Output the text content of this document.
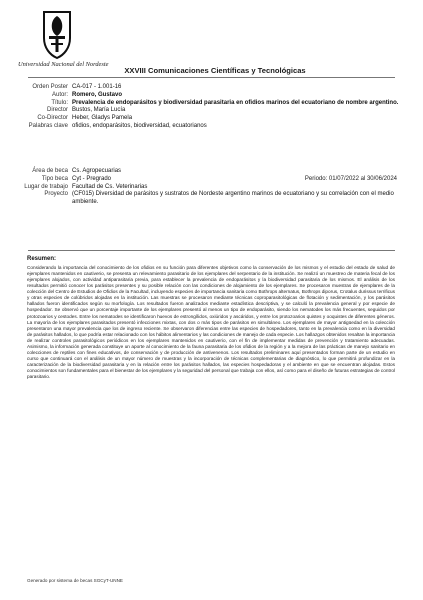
Universidad Nacional del Nordeste
XXVIII Comunicaciones Científicas y Tecnológicas
Orden Poster CA-017 - 1.001-16
Autor: Romero, Gustavo
Título: Prevalencia de endoparásitos y biodiversidad parasitaria en ofidios marinos del ecuatoriano de nombre argentino.
Director Bustos, María Lucía
Co-Director Heber, Gladys Pamela
Palabras clave ofidios, endoparásitos, biodiversidad, ecuatorianos
Área de beca Cs. Agropecuarias
Tipo beca Cyt - Pregrado	Periodo: 01/07/2022 al 30/06/2024
Lugar de trabajo Facultad de Cs. Veterinarias
Proyecto (CF015) Diversidad de parásitos y sustratos de Nordeste argentino marinos de ecuatoriano y su correlación con el medio ambiente.
Resumen:
Considerando la importancia del conocimiento de los ofidios en su función para diferentes objetivos como la conservación de los mismos y el estudio del estado de salud de ejemplares mantenidos en cautiverio, se presenta un relevamiento parasitario de los ejemplares del serpentario de la institución. Se realizó un muestreo de materia fecal de los ejemplares alojados, con actividad antiparasitaria previa, para establecer la prevalencia de endoparásitos y la biodiversidad parasitaria de los mismos. El análisis de los resultados permitió conocer los parásitos presentes y su posible relación con las condiciones de alojamiento de los ejemplares. Se procesaron muestras de ejemplares de la colección del Centro de Estudios de Ofidios de la Facultad, incluyendo especies de importancia sanitaria como Bothrops alternatus, Bothrops diporus, Crotalus durissus terrificus y otras especies de colúbridos alojadas en la institución. Las muestras se procesaron mediante técnicas coproparasitológicas de flotación y sedimentación, y los parásitos hallados fueron identificados según su morfología. Los resultados fueron analizados mediante estadística descriptiva, y se calculó la prevalencia general y por especie de hospedador. Se observó que un porcentaje importante de los ejemplares presentó al menos un tipo de endoparásito, siendo los nematodes los más frecuentes, seguidos por protozoarios y cestodes. Entre los nematodes se identificaron huevos de estrongílidos, oxiúridos y ascáridos, y entre los protozoarios quistes y ooquistes de diferentes géneros. La mayoría de los ejemplares parasitados presentó infecciones mixtas, con dos o más tipos de parásitos en simultáneo. Los ejemplares de mayor antigüedad en la colección presentaron una mayor prevalencia que los de ingreso reciente. Se observaron diferencias entre las especies de hospedadores, tanto en la prevalencia como en la diversidad de parásitos hallados, lo que podría estar relacionado con los hábitos alimentarios y las condiciones de manejo de cada especie. Los hallazgos obtenidos resaltan la importancia de realizar controles parasitológicos periódicos en los ejemplares mantenidos en cautiverio, con el fin de implementar medidas de prevención y tratamiento adecuadas. Asimismo, la información generada constituye un aporte al conocimiento de la fauna parasitaria de los ofidios de la región y a la mejora de las prácticas de manejo sanitario en colecciones de reptiles con fines educativos, de conservación y de producción de antivenenos. Los resultados preliminares aquí presentados forman parte de un estudio en curso que continuará con el análisis de un mayor número de muestras y la incorporación de técnicas complementarias de diagnóstico, lo que permitirá profundizar en la caracterización de la biodiversidad parasitaria y en la relación entre los parásitos hallados, las especies hospedadoras y el ambiente en que se encuentran alojadas. Estos conocimientos son fundamentales para el bienestar de los ejemplares y la seguridad del personal que trabaja con ellos, así como para el diseño de futuras estrategias de control parasitario.
Generado por sistema de becas SGCyT-UNNE
